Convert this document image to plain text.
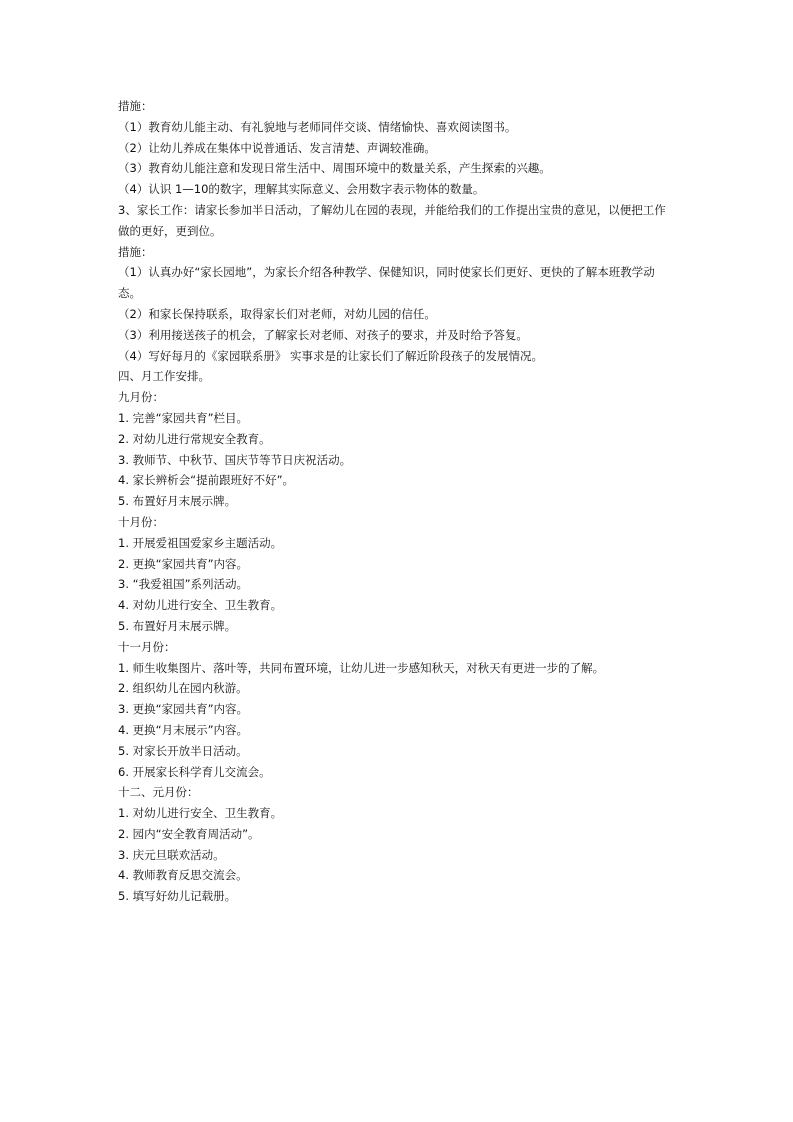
措施：

（1）教育幼儿能主动、有礼貌地与老师同伴交谈、情绪愉快、喜欢阅读图书。

（2）让幼儿养成在集体中说普通话、发言清楚、声调较准确。

（3）教育幼儿能注意和发现日常生活中、周围环境中的数量关系，产生探索的兴趣。

（4）认识 1—10的数字，理解其实际意义、会用数字表示物体的数量。

3、家长工作：请家长参加半日活动，了解幼儿在园的表现，并能给我们的工作提出宝贵的意见，以便把工作做的更好，更到位。

措施：

（1）认真办好“家长园地”，为家长介绍各种教学、保健知识，同时使家长们更好、更快的了解本班教学动态。

（2）和家长保持联系，取得家长们对老师，对幼儿园的信任。

（3）利用接送孩子的机会，了解家长对老师、对孩子的要求，并及时给予答复。

（4）写好每月的《家园联系册》 实事求是的让家长们了解近阶段孩子的发展情况。

四、月工作安排。

九月份：

1. 完善“家园共育”栏目。

2. 对幼儿进行常规安全教育。

3. 教师节、中秋节、国庆节等节日庆祝活动。

4. 家长辨析会“提前跟班好不好”。

5. 布置好月末展示牌。

十月份：

1. 开展爱祖国爱家乡主题活动。

2. 更换“家园共育”内容。

3. “我爱祖国”系列活动。

4. 对幼儿进行安全、卫生教育。

5. 布置好月末展示牌。

十一月份：

1. 师生收集图片、落叶等，共同布置环境，让幼儿进一步感知秋天，对秋天有更进一步的了解。

2. 组织幼儿在园内秋游。

3. 更换“家园共育”内容。

4. 更换“月末展示”内容。

5. 对家长开放半日活动。

6. 开展家长科学育儿交流会。

十二、元月份：

1. 对幼儿进行安全、卫生教育。

2. 园内“安全教育周活动”。

3. 庆元旦联欢活动。

4. 教师教育反思交流会。

5. 填写好幼儿记载册。
